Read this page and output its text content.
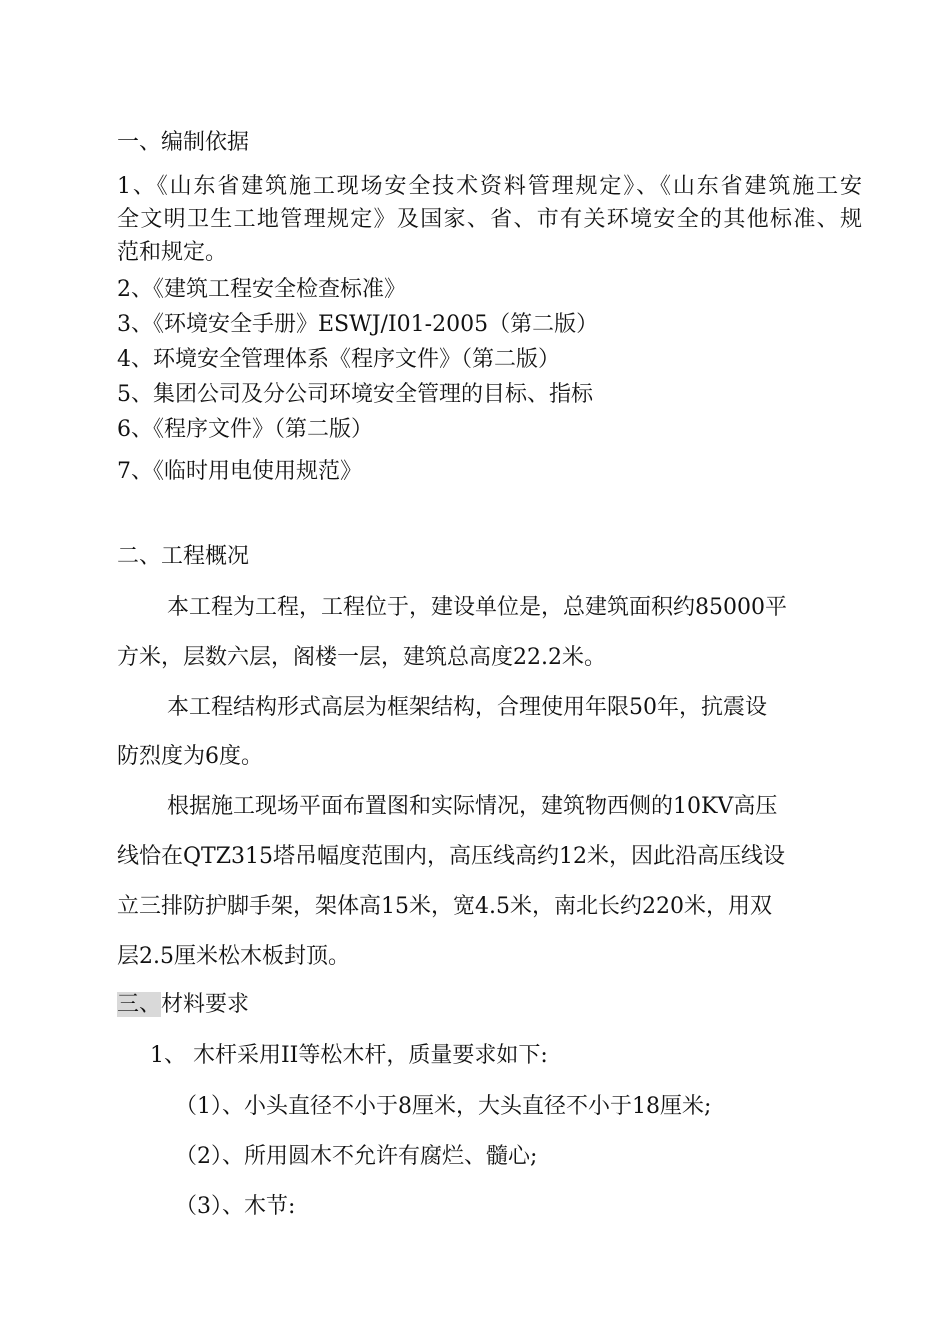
一、编制依据
1、《山东省建筑施工现场安全技术资料管理规定》、《山东省建筑施工安
全文明卫生工地管理规定》及国家、省、市有关环境安全的其他标准、规
范和规定。
2、《建筑工程安全检查标准》
3、《环境安全手册》ESWJ/I01-2005（第二版）
4、环境安全管理体系《程序文件》（第二版）
5、集团公司及分公司环境安全管理的目标、指标
6、《程序文件》（第二版）
7、《临时用电使用规范》
二、工程概况
本工程为工程，工程位于，建设单位是，总建筑面积约85000平
方米，层数六层，阁楼一层，建筑总高度22.2米。
本工程结构形式高层为框架结构，合理使用年限50年，抗震设
防烈度为6度。
根据施工现场平面布置图和实际情况，建筑物西侧的10KV高压
线恰在QTZ315塔吊幅度范围内，高压线高约12米，因此沿高压线设
立三排防护脚手架，架体高15米，宽4.5米，南北长约220米，用双
层2.5厘米松木板封顶。
三、材料要求
1、 木杆采用II等松木杆，质量要求如下:
（1）、小头直径不小于8厘米，大头直径不小于18厘米;
（2）、所用圆木不允许有腐烂、髓心;
（3）、木节:
